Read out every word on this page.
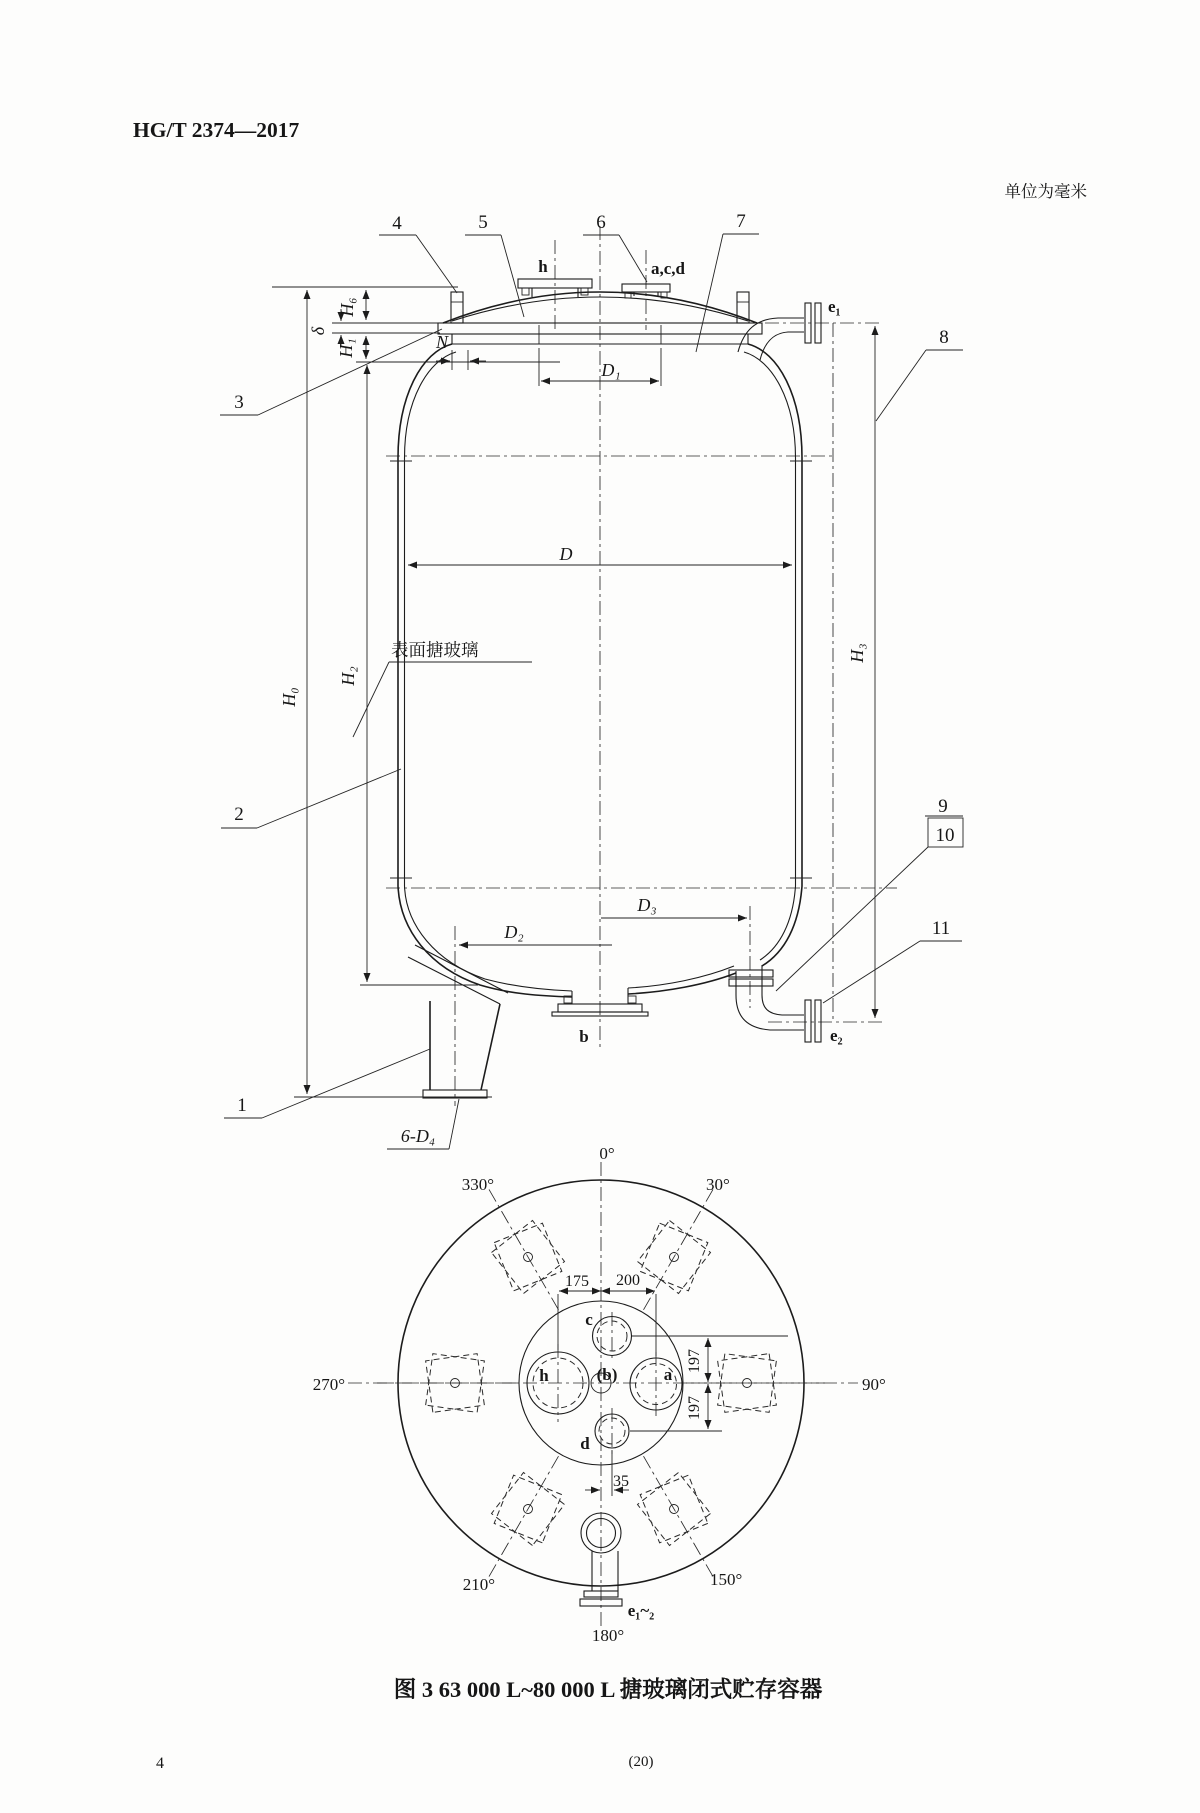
HG/T 2374—2017
单位为毫米
4	5	6	7
3
2
1
8
9
10
11
h	a,c,d
e₁
e₂
b
H₀
H₂
H₆
H₁
δ
H₃
D
D₁
D₂
D₃
N
6-D₄
表面搪玻璃
0°
30°
90°
150°
180°
210°
270°
330°
h	a
(b)
c
d
e₁~₂
175 200
197
197
35
图 3 63 000 L~80 000 L 搪玻璃闭式贮存容器
(20)
4
